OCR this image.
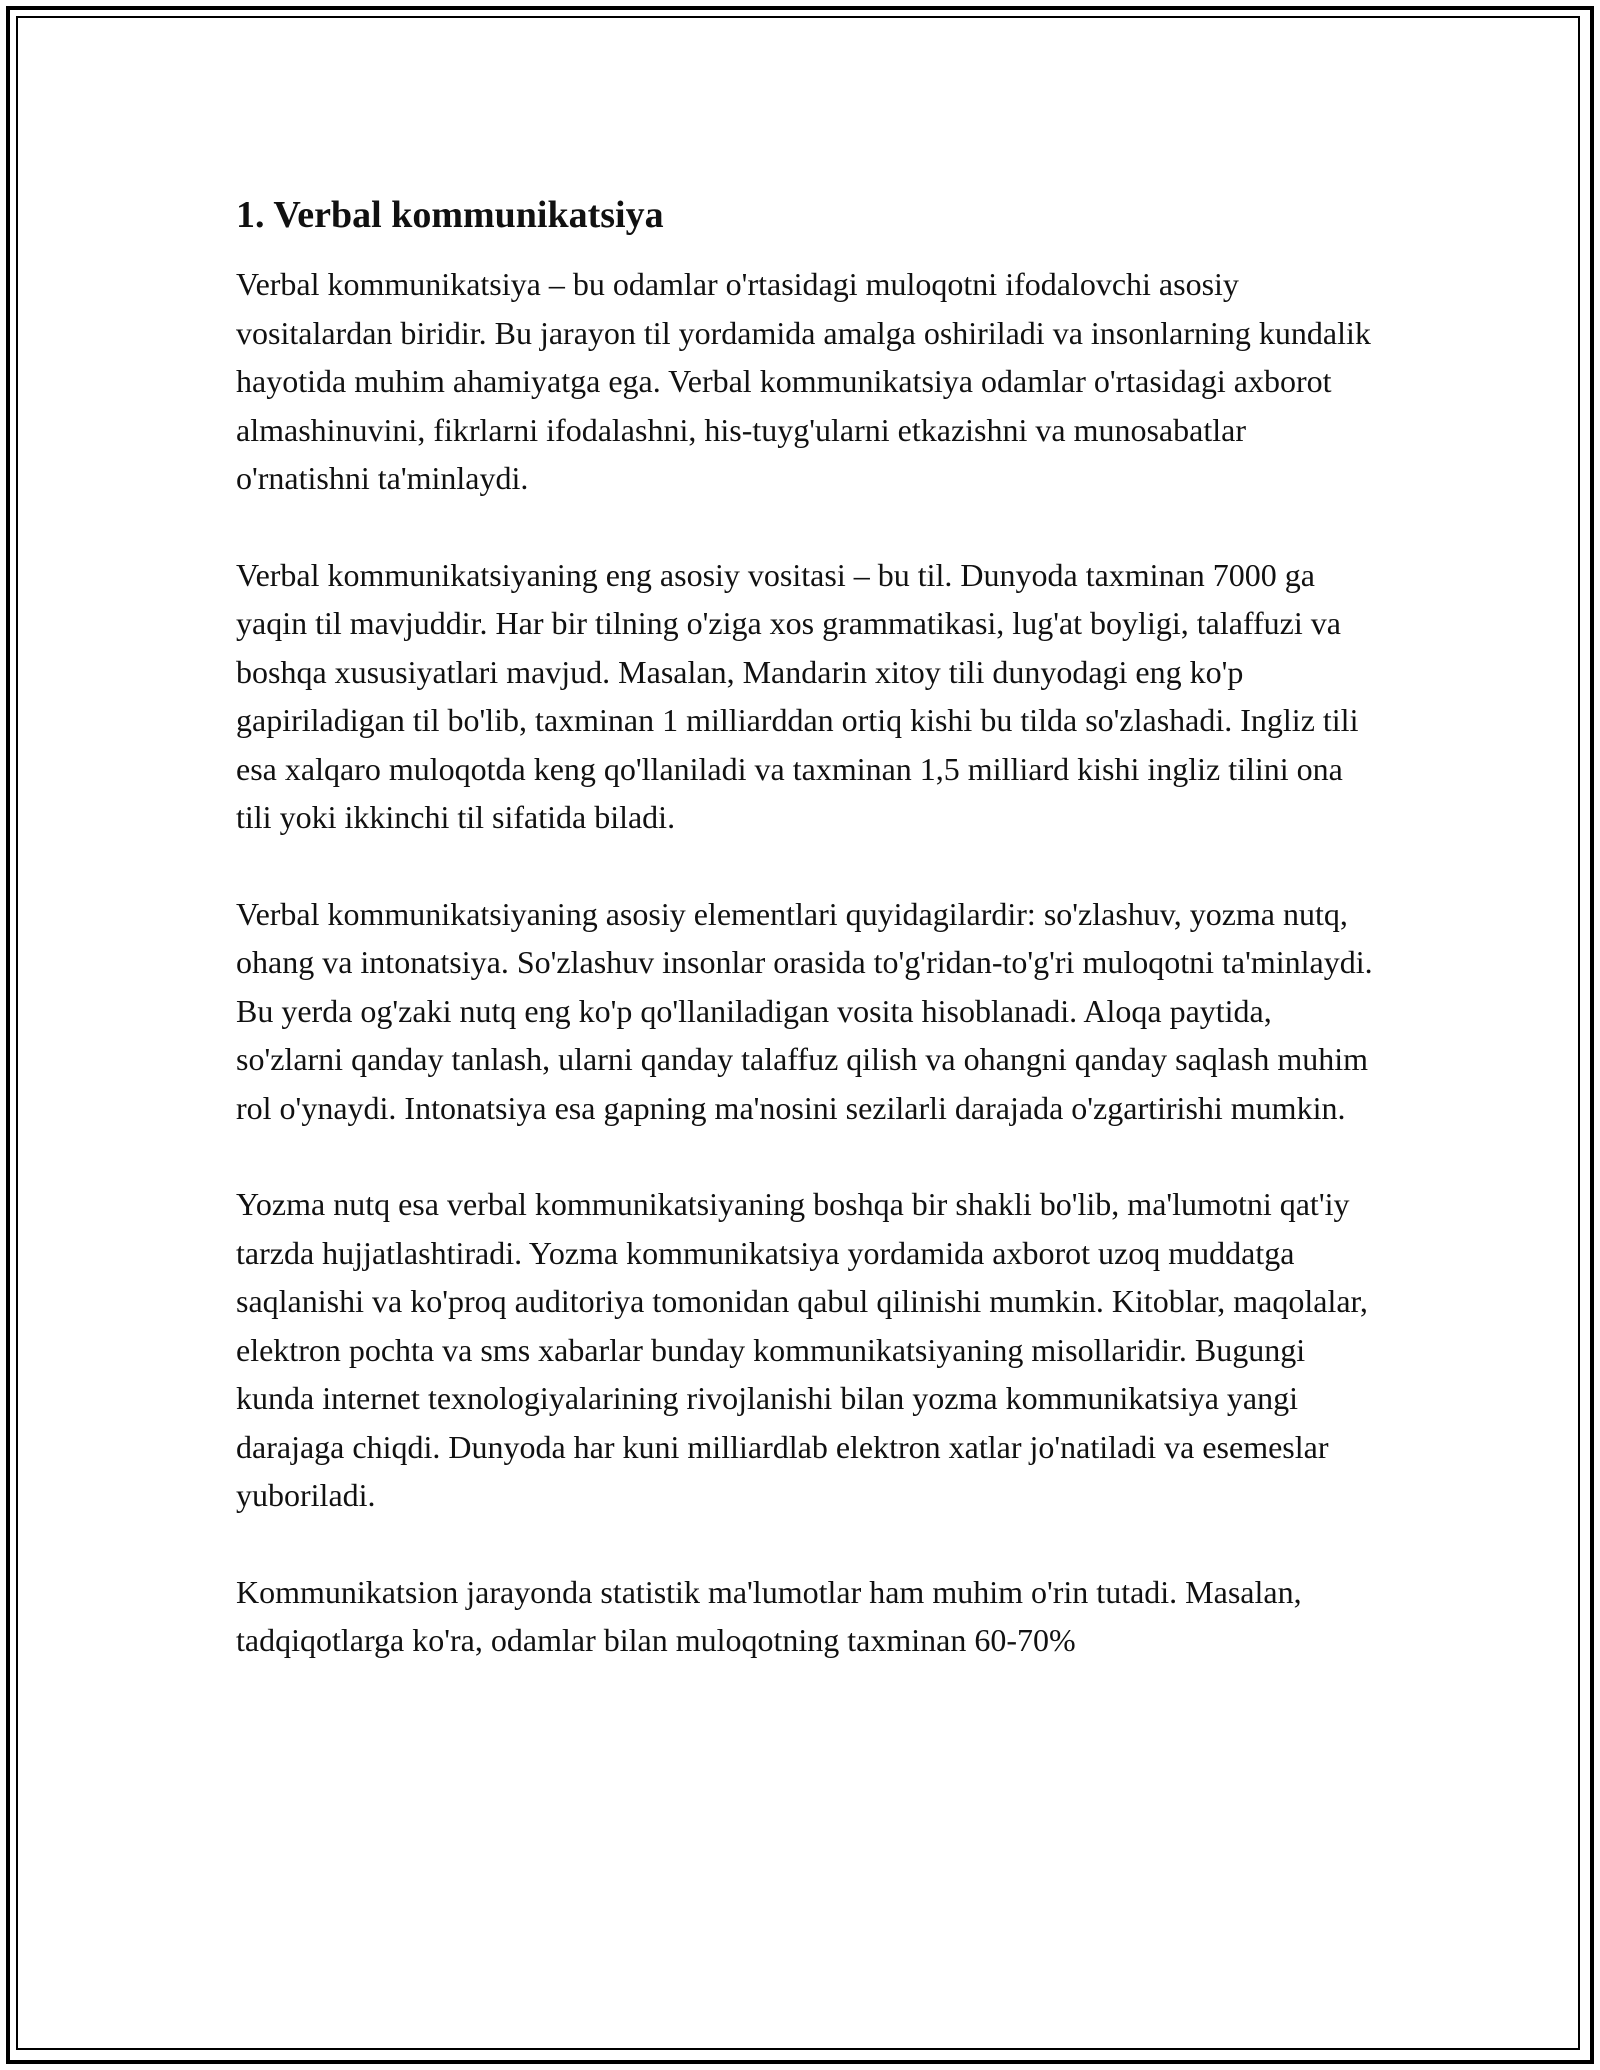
1. Verbal kommunikatsiya

Verbal kommunikatsiya – bu odamlar o'rtasidagi muloqotni ifodalovchi asosiy vositalardan biridir. Bu jarayon til yordamida amalga oshiriladi va insonlarning kundalik hayotida muhim ahamiyatga ega. Verbal kommunikatsiya odamlar o'rtasidagi axborot almashinuvini, fikrlarni ifodalashni, his-tuyg'ularni etkazishni va munosabatlar o'rnatishni ta'minlaydi.

Verbal kommunikatsiyaning eng asosiy vositasi – bu til. Dunyoda taxminan 7000 ga yaqin til mavjuddir. Har bir tilning o'ziga xos grammatikasi, lug'at boyligi, talaffuzi va boshqa xususiyatlari mavjud. Masalan, Mandarin xitoy tili dunyodagi eng ko'p gapiriladigan til bo'lib, taxminan 1 milliarddan ortiq kishi bu tilda so'zlashadi. Ingliz tili esa xalqaro muloqotda keng qo'llaniladi va taxminan 1,5 milliard kishi ingliz tilini ona tili yoki ikkinchi til sifatida biladi.

Verbal kommunikatsiyaning asosiy elementlari quyidagilardir: so'zlashuv, yozma nutq, ohang va intonatsiya. So'zlashuv insonlar orasida to'g'ridan-to'g'ri muloqotni ta'minlaydi. Bu yerda og'zaki nutq eng ko'p qo'llaniladigan vosita hisoblanadi. Aloqa paytida, so'zlarni qanday tanlash, ularni qanday talaffuz qilish va ohangni qanday saqlash muhim rol o'ynaydi. Intonatsiya esa gapning ma'nosini sezilarli darajada o'zgartirishi mumkin.

Yozma nutq esa verbal kommunikatsiyaning boshqa bir shakli bo'lib, ma'lumotni qat'iy tarzda hujjatlashtiradi. Yozma kommunikatsiya yordamida axborot uzoq muddatga saqlanishi va ko'proq auditoriya tomonidan qabul qilinishi mumkin. Kitoblar, maqolalar, elektron pochta va sms xabarlar bunday kommunikatsiyaning misollaridir. Bugungi kunda internet texnologiyalarining rivojlanishi bilan yozma kommunikatsiya yangi darajaga chiqdi. Dunyoda har kuni milliardlab elektron xatlar jo'natiladi va esemeslar yuboriladi.

Kommunikatsion jarayonda statistik ma'lumotlar ham muhim o'rin tutadi. Masalan, tadqiqotlarga ko'ra, odamlar bilan muloqotning taxminan 60-70%
